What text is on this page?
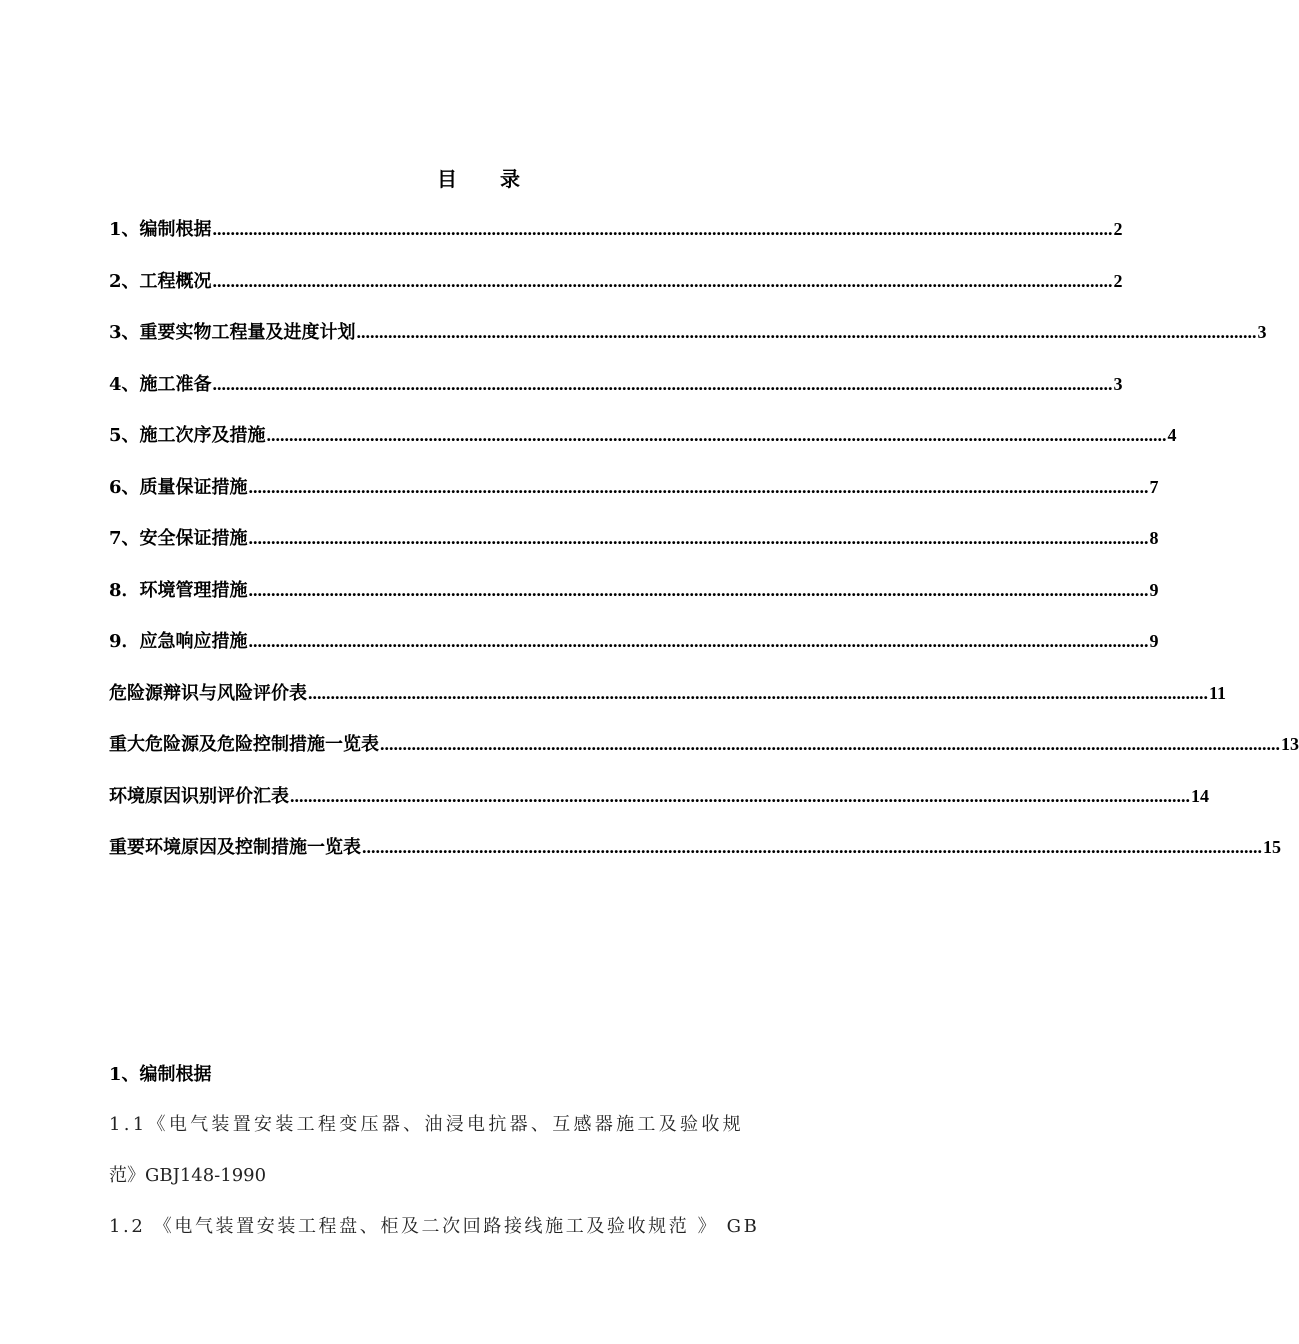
目 录
1、编制根据 ........................................................................................................................................................................................................ 2
2、工程概况 ........................................................................................................................................................................................................ 2
3、重要实物工程量及进度计划 ........................................................................................................................................................................................................ 3
4、施工准备 ........................................................................................................................................................................................................ 3
5、施工次序及措施 ........................................................................................................................................................................................................ 4
6、质量保证措施 ........................................................................................................................................................................................................ 7
7、安全保证措施 ........................................................................................................................................................................................................ 8
8．环境管理措施 ........................................................................................................................................................................................................ 9
9．应急响应措施 ........................................................................................................................................................................................................ 9
危险源辩识与风险评价表 ........................................................................................................................................................................................................ 11
重大危险源及危险控制措施一览表 ........................................................................................................................................................................................................ 13
环境原因识别评价汇表 ........................................................................................................................................................................................................ 14
重要环境原因及控制措施一览表 ........................................................................................................................................................................................................ 15
1、编制根据
1.1《电气装置安装工程变压器、油浸电抗器、互感器施工及验收规
范》GBJ148-1990
1.2 《电气装置安装工程盘、柜及二次回路接线施工及验收规范 》 GB
